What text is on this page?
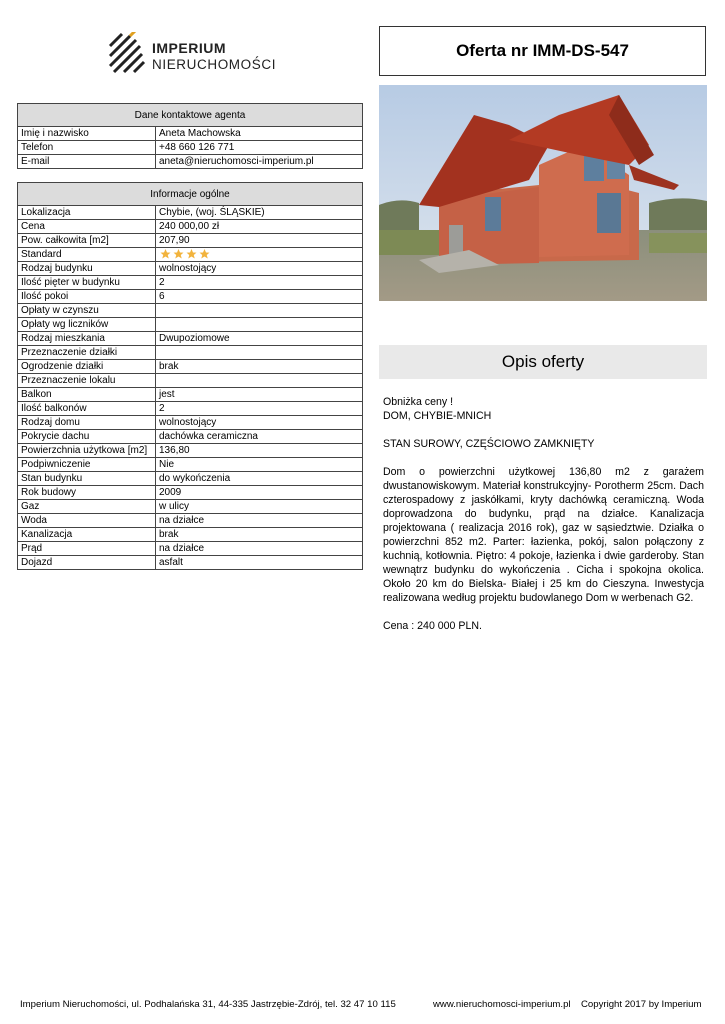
IMPERIUM
NIERUCHOMOŚCI
Oferta nr IMM-DS-547
Dane kontaktowe agenta	
Imię i nazwisko	Aneta Machowska
Telefon	+48 660 126 771
E-mail	aneta@nieruchomosci-imperium.pl
Informacje ogólne	
Lokalizacja	Chybie, (woj. ŚLĄSKIE)
Cena	240 000,00 zł
Pow. całkowita [m2]	207,90
Standard	
Rodzaj budynku	wolnostojący
Ilość pięter w budynku	2
Ilość pokoi	6
Opłaty w czynszu	
Opłaty wg liczników	
Rodzaj mieszkania	Dwupoziomowe
Przeznaczenie działki	
Ogrodzenie działki	brak
Przeznaczenie lokalu	
Balkon	jest
Ilość balkonów	2
Rodzaj domu	wolnostojący
Pokrycie dachu	dachówka ceramiczna
Powierzchnia użytkowa [m2]	136,80
Podpiwniczenie	Nie
Stan budynku	do wykończenia
Rok budowy	2009
Gaz	w ulicy
Woda	na działce
Kanalizacja	brak
Prąd	na działce
Dojazd	asfalt
Opis oferty

Obniżka ceny !
DOM, CHYBIE-MNICH

STAN SUROWY, CZĘŚCIOWO ZAMKNIĘTY

Dom o powierzchni użytkowej 136,80 m2 z garażem dwustanowiskowym. Materiał konstrukcyjny- Porotherm 25cm. Dach czterospadowy z jaskółkami, kryty dachówką ceramiczną. Woda doprowadzona do budynku, prąd na działce. Kanalizacja projektowana ( realizacja 2016 rok), gaz w sąsiedztwie. Działka o powierzchni 852 m2. Parter: łazienka, pokój, salon połączony z kuchnią, kotłownia. Piętro: 4 pokoje, łazienka i dwie garderoby. Stan wewnątrz budynku do wykończenia . Cicha i spokojna okolica. Około 20 km do Bielska- Białej i 25 km do Cieszyna. Inwestycja realizowana według projektu budowlanego Dom w werbenach G2.

Cena : 240 000 PLN.

Imperium Nieruchomości, ul. Podhalańska 31, 44-335 Jastrzębie-Zdrój, tel. 32 47 10 115	www.nieruchomosci-imperium.pl Copyright 2017 by Imperium
